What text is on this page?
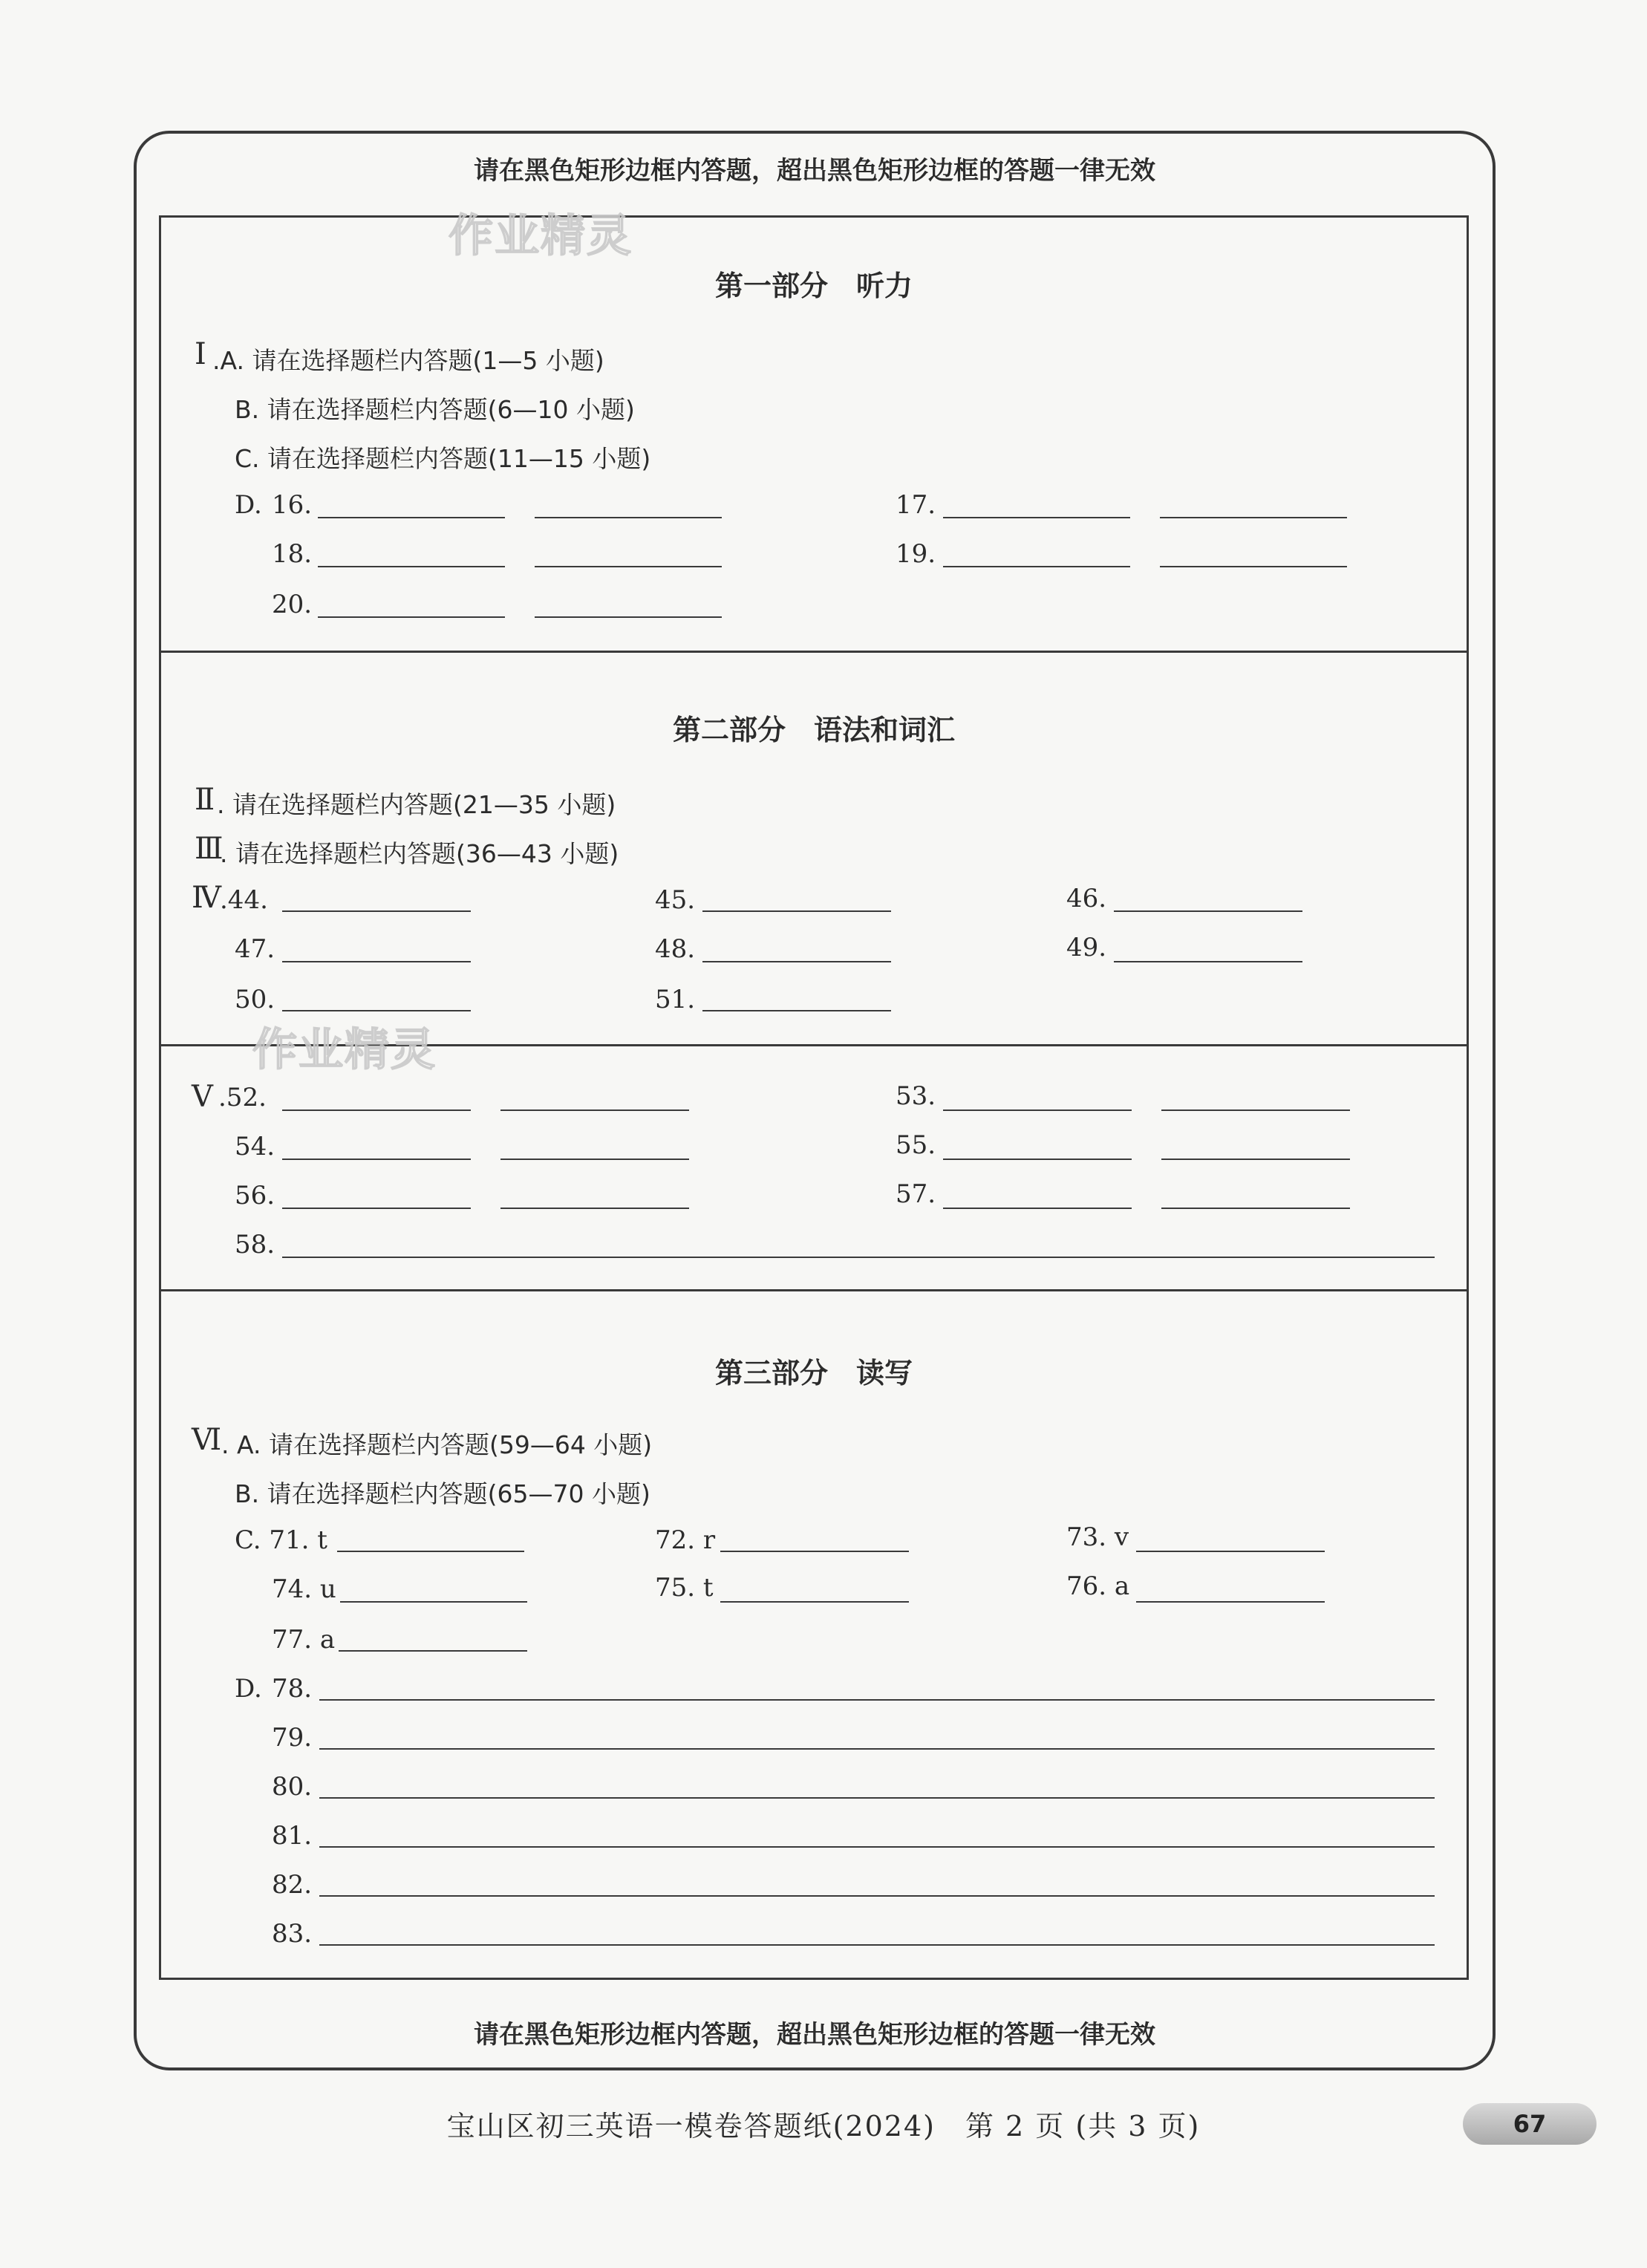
请在黑色矩形边框内答题，超出黑色矩形边框的答题一律无效
请在黑色矩形边框内答题，超出黑色矩形边框的答题一律无效
作业精灵
作业精灵
第一部分　听力
Ⅰ .A. 请在选择题栏内答题(1—5 小题)
B. 请在选择题栏内答题(6—10 小题)
C. 请在选择题栏内答题(11—15 小题)
D. 16.	17.
18.	19.
20.
第二部分　语法和词汇
Ⅱ . 请在选择题栏内答题(21—35 小题)
Ⅲ
. 请在选择题栏内答题(36—43 小题)
Ⅳ
.44.	45.	46.
47.	48.	49.
50.	51.
Ⅴ .52.	53.
54.	55.
56.	57.
58.
第三部分　读写
Ⅵ . A. 请在选择题栏内答题(59—64 小题)
B. 请在选择题栏内答题(65—70 小题)
C. 71. t	72. r	73. v
74. u	75. t	76. a
77. a
D. 78.
79.
80.
81.
82.
83.
宝山区初三英语一模卷答题纸(2024)　第 2 页 (共 3 页)	67
